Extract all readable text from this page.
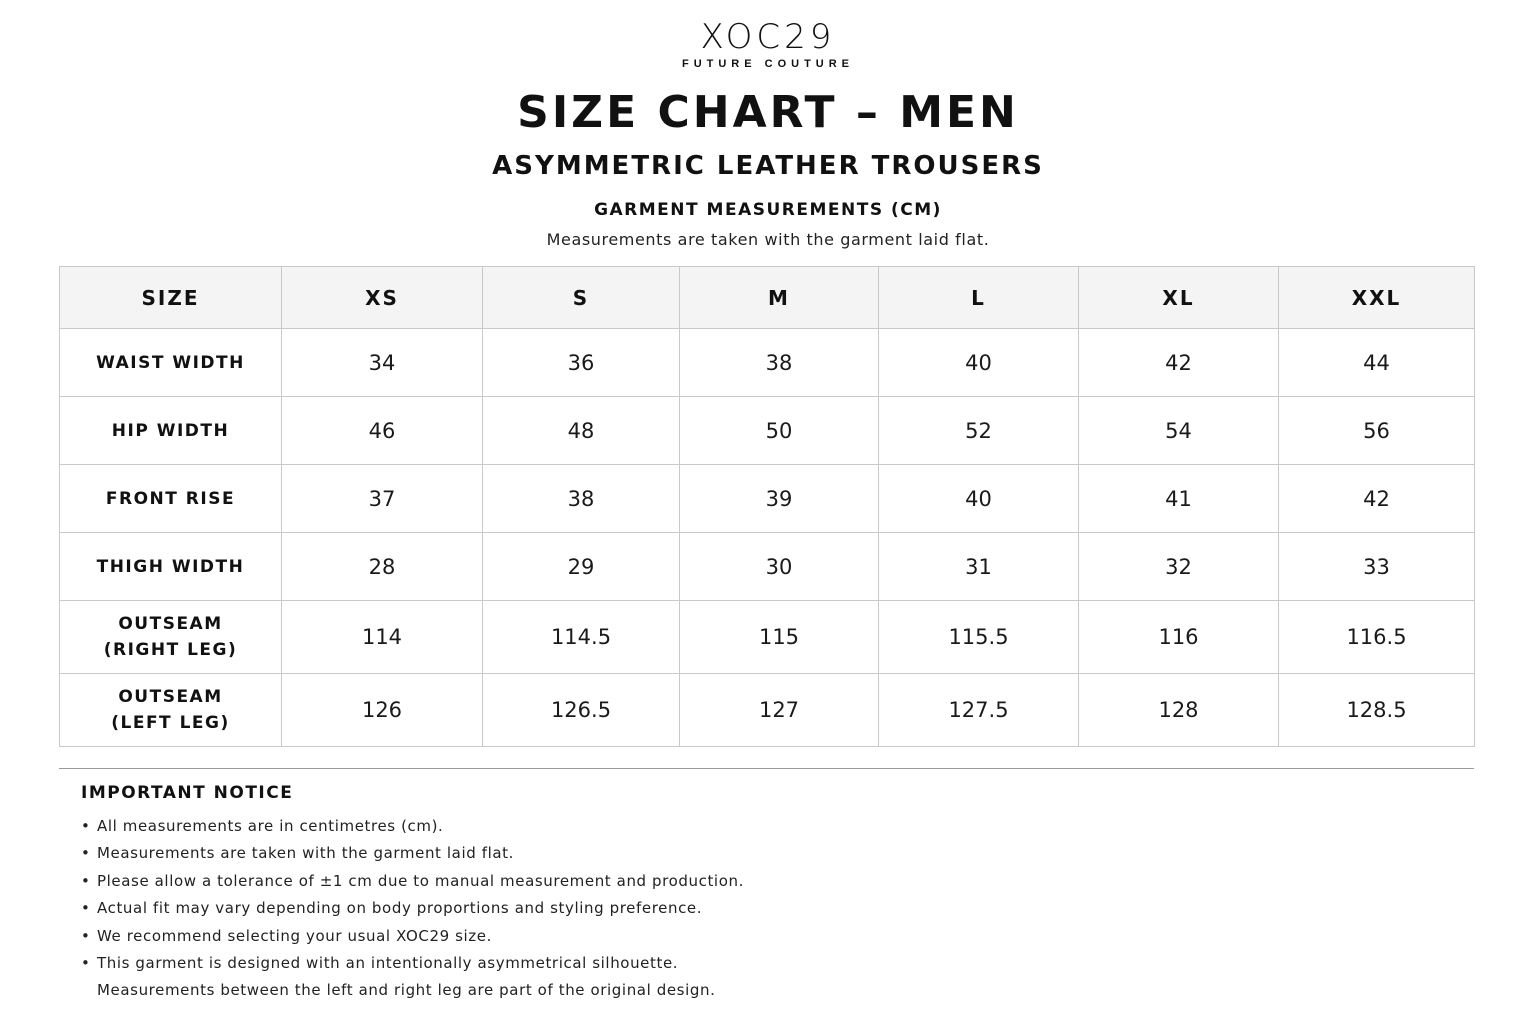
XOC29
FUTURE COUTURE
SIZE CHART – MEN
ASYMMETRIC LEATHER TROUSERS
GARMENT MEASUREMENTS (CM)
Measurements are taken with the garment laid flat.
SIZE	XS	S	M	L	XL	XXL
WAIST WIDTH	34	36	38	40	42	44
HIP WIDTH	46	48	50	52	54	56
FRONT RISE	37	38	39	40	41	42
THIGH WIDTH	28	29	30	31	32	33
OUTSEAM
(RIGHT LEG)	114	114.5	115	115.5	116	116.5
OUTSEAM
(LEFT LEG)	126	126.5	127	127.5	128	128.5
IMPORTANT NOTICE
• All measurements are in centimetres (cm).
• Measurements are taken with the garment laid flat.
• Please allow a tolerance of ±1 cm due to manual measurement and production.
• Actual fit may vary depending on body proportions and styling preference.
• We recommend selecting your usual XOC29 size.
• This garment is designed with an intentionally asymmetrical silhouette.
Measurements between the left and right leg are part of the original design.
